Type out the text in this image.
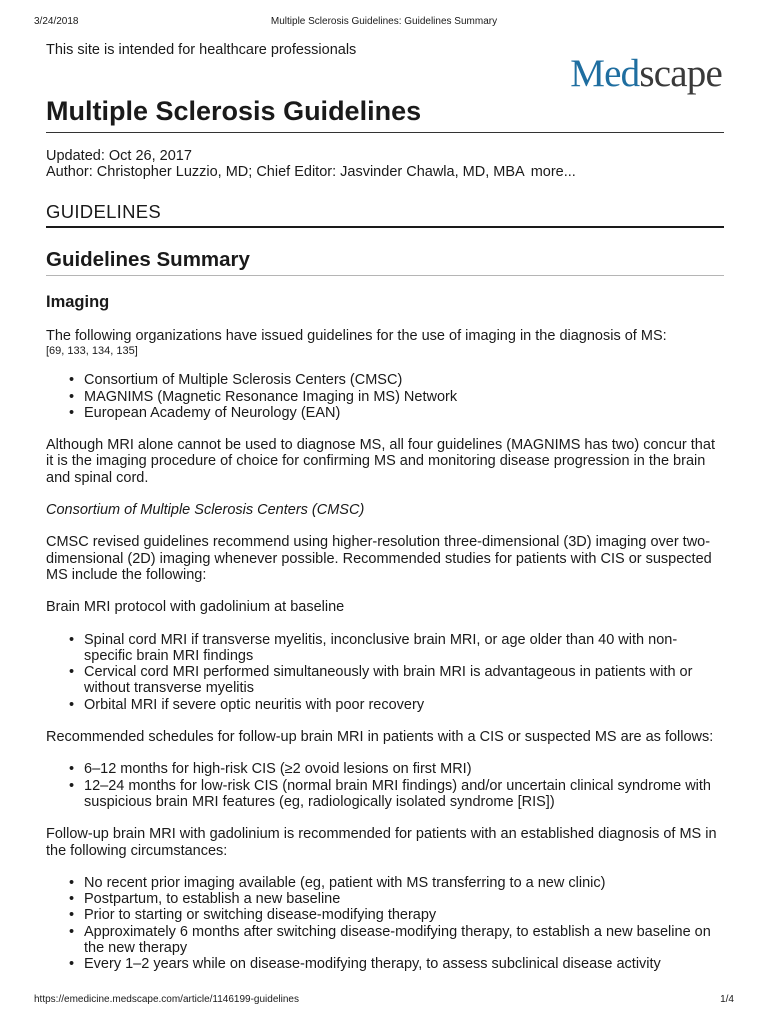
3/24/2018	Multiple Sclerosis Guidelines: Guidelines Summary
This site is intended for healthcare professionals
Medscape
Multiple Sclerosis Guidelines
Updated: Oct 26, 2017
Author: Christopher Luzzio, MD; Chief Editor: Jasvinder Chawla, MD, MBA more...
GUIDELINES
Guidelines Summary
Imaging

The following organizations have issued guidelines for the use of imaging in the diagnosis of MS:
[69, 133, 134, 135]

• Consortium of Multiple Sclerosis Centers (CMSC)
• MAGNIMS (Magnetic Resonance Imaging in MS) Network
• European Academy of Neurology (EAN)

Although MRI alone cannot be used to diagnose MS, all four guidelines (MAGNIMS has two) concur that it is the imaging procedure of choice for confirming MS and monitoring disease progression in the brain and spinal cord.

Consortium of Multiple Sclerosis Centers (CMSC)

CMSC revised guidelines recommend using higher-resolution three-dimensional (3D) imaging over two-dimensional (2D) imaging whenever possible. Recommended studies for patients with CIS or suspected MS include the following:

Brain MRI protocol with gadolinium at baseline

• Spinal cord MRI if transverse myelitis, inconclusive brain MRI, or age older than 40 with non-specific brain MRI findings
• Cervical cord MRI performed simultaneously with brain MRI is advantageous in patients with or without transverse myelitis
• Orbital MRI if severe optic neuritis with poor recovery

Recommended schedules for follow-up brain MRI in patients with a CIS or suspected MS are as follows:

• 6–12 months for high-risk CIS (≥2 ovoid lesions on first MRI)
• 12–24 months for low-risk CIS (normal brain MRI findings) and/or uncertain clinical syndrome with suspicious brain MRI features (eg, radiologically isolated syndrome [RIS])

Follow-up brain MRI with gadolinium is recommended for patients with an established diagnosis of MS in the following circumstances:

• No recent prior imaging available (eg, patient with MS transferring to a new clinic)
• Postpartum, to establish a new baseline
• Prior to starting or switching disease-modifying therapy
• Approximately 6 months after switching disease-modifying therapy, to establish a new baseline on the new therapy
• Every 1–2 years while on disease-modifying therapy, to assess subclinical disease activity
https://emedicine.medscape.com/article/1146199-guidelines	1/4
